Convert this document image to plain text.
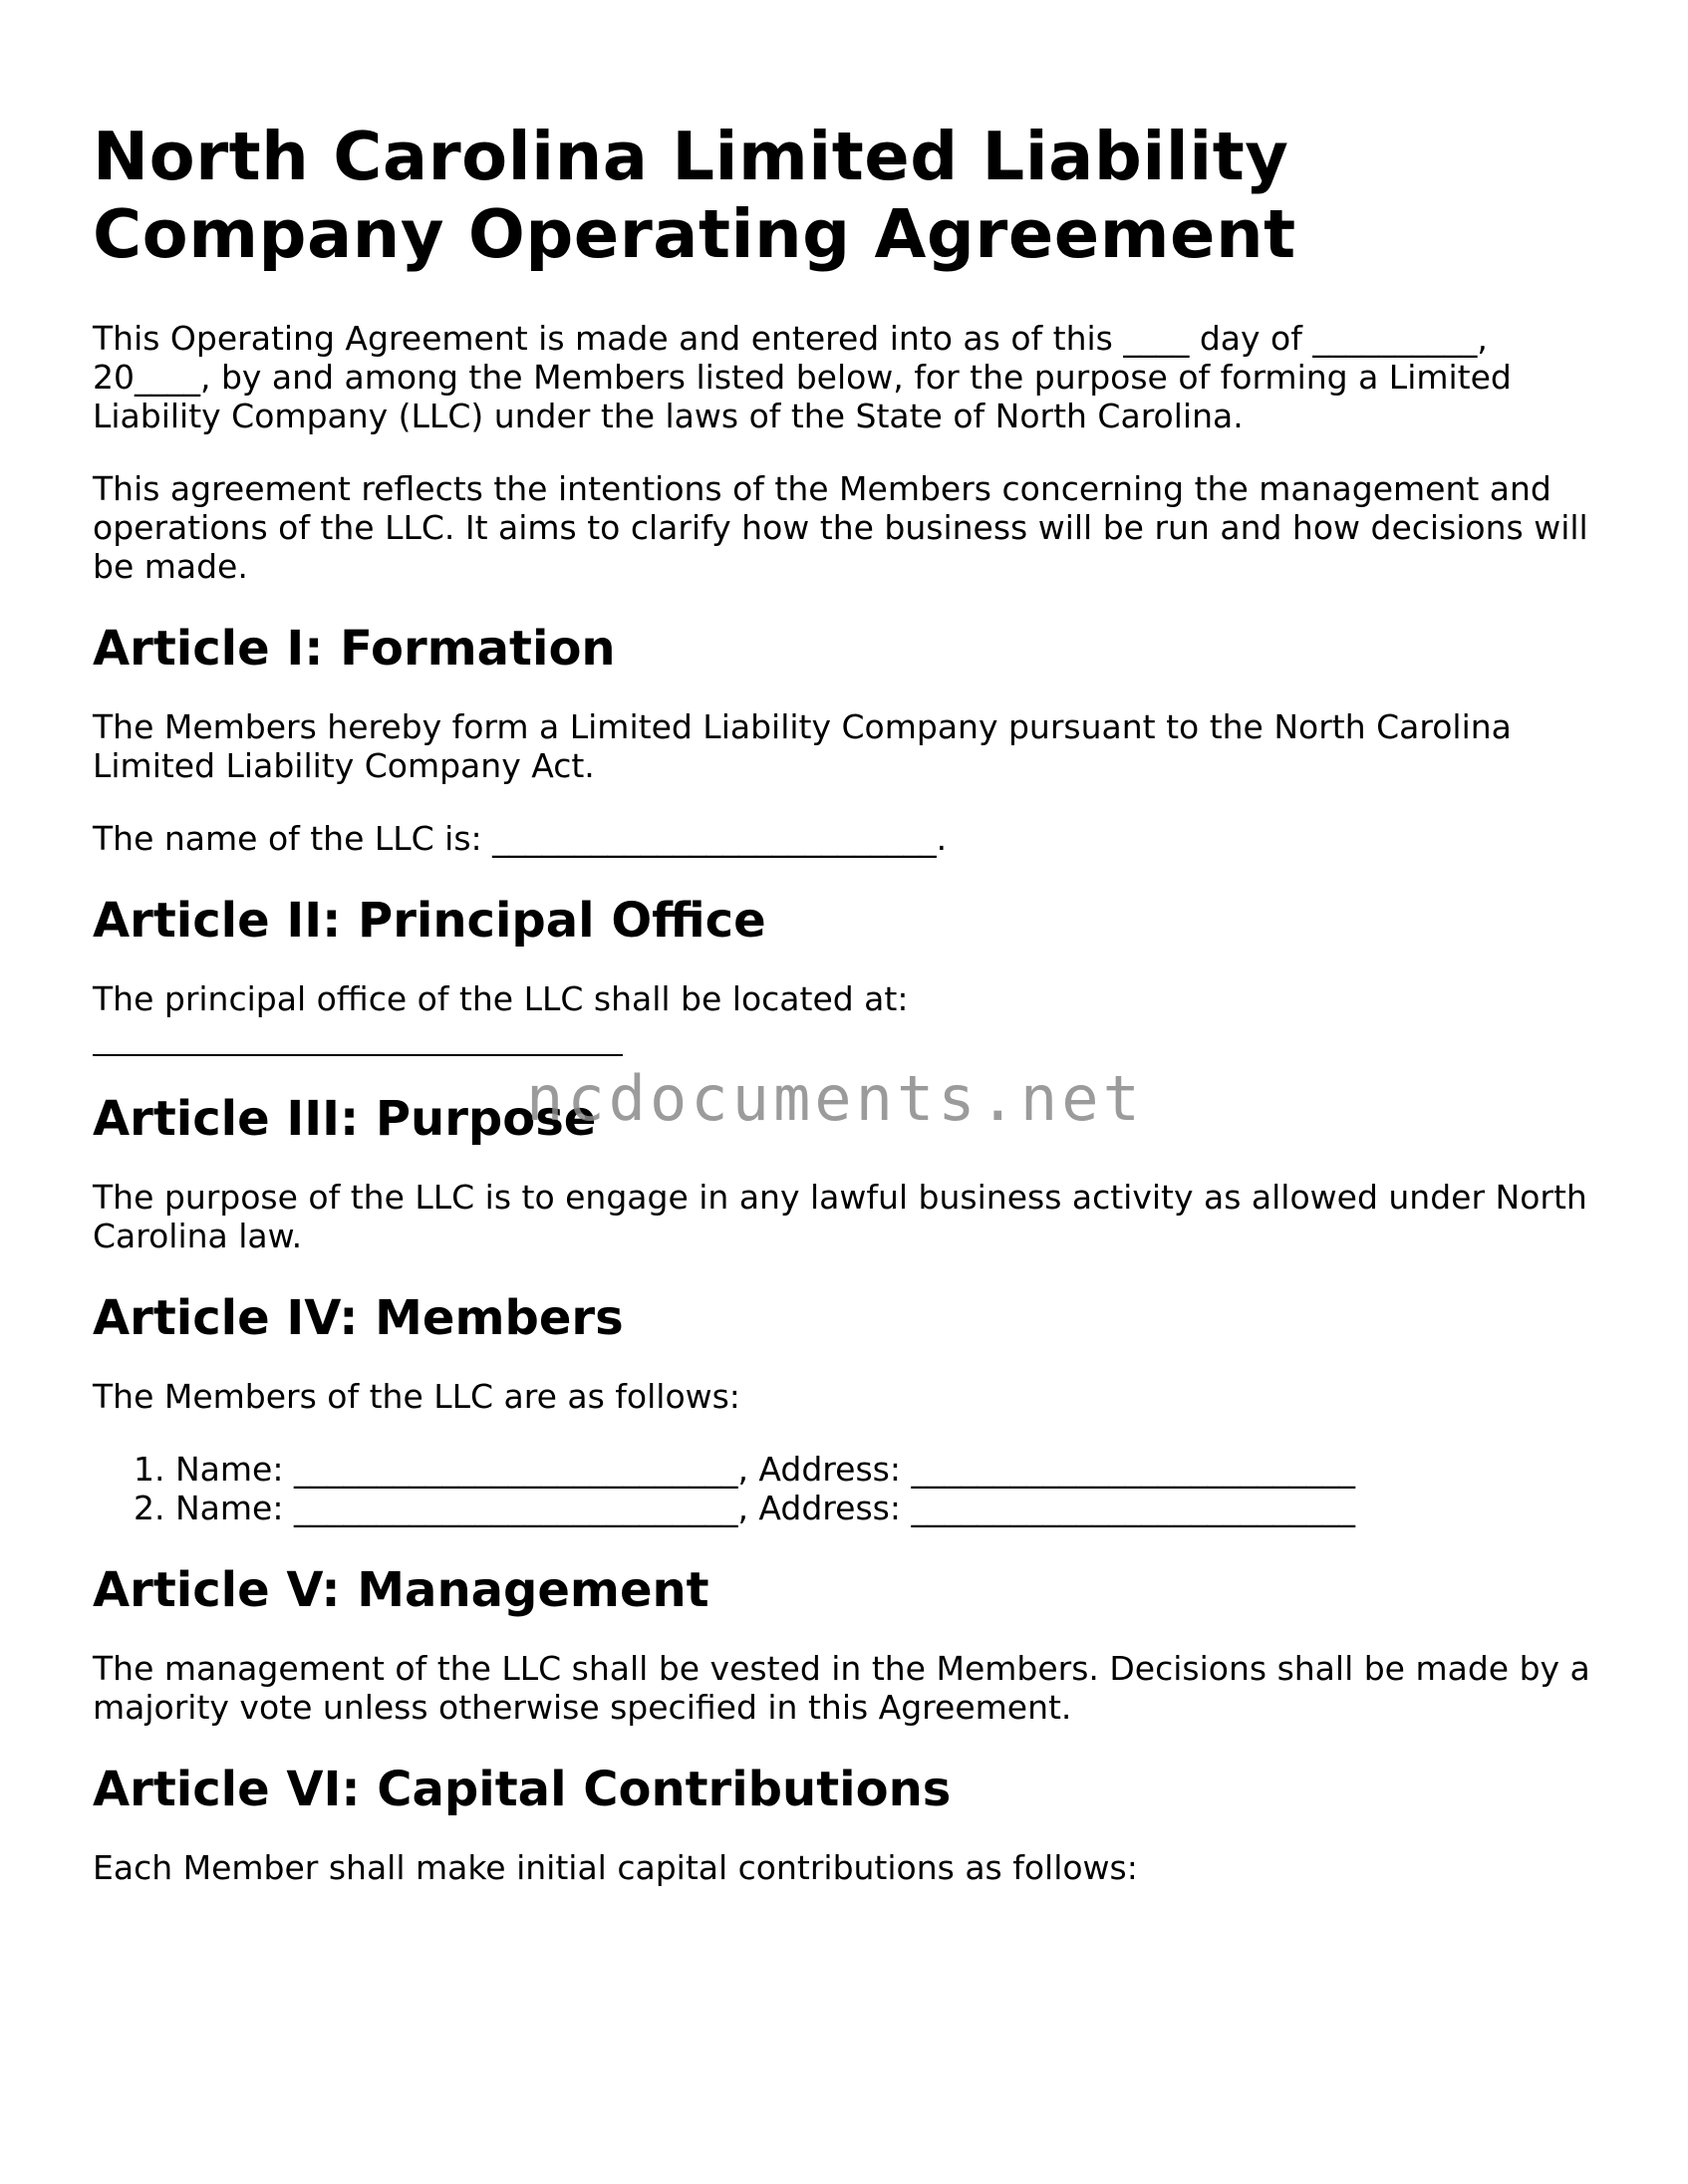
North Carolina Limited Liability Company Operating Agreement

This Operating Agreement is made and entered into as of this ____ day of __________, 20____, by and among the Members listed below, for the purpose of forming a Limited Liability Company (LLC) under the laws of the State of North Carolina.

This agreement reflects the intentions of the Members concerning the management and operations of the LLC. It aims to clarify how the business will be run and how decisions will be made.

Article I: Formation

The Members hereby form a Limited Liability Company pursuant to the North Carolina Limited Liability Company Act.

The name of the LLC is: ___________________________.

Article II: Principal Office

The principal office of the LLC shall be located at:

Article III: Purpose

The purpose of the LLC is to engage in any lawful business activity as allowed under North Carolina law.

Article IV: Members

The Members of the LLC are as follows:

1. Name: ___________________________, Address: ___________________________
2. Name: ___________________________, Address: ___________________________
Article V: Management

The management of the LLC shall be vested in the Members. Decisions shall be made by a majority vote unless otherwise specified in this Agreement.

Article VI: Capital Contributions

Each Member shall make initial capital contributions as follows:

ncdocuments.net
